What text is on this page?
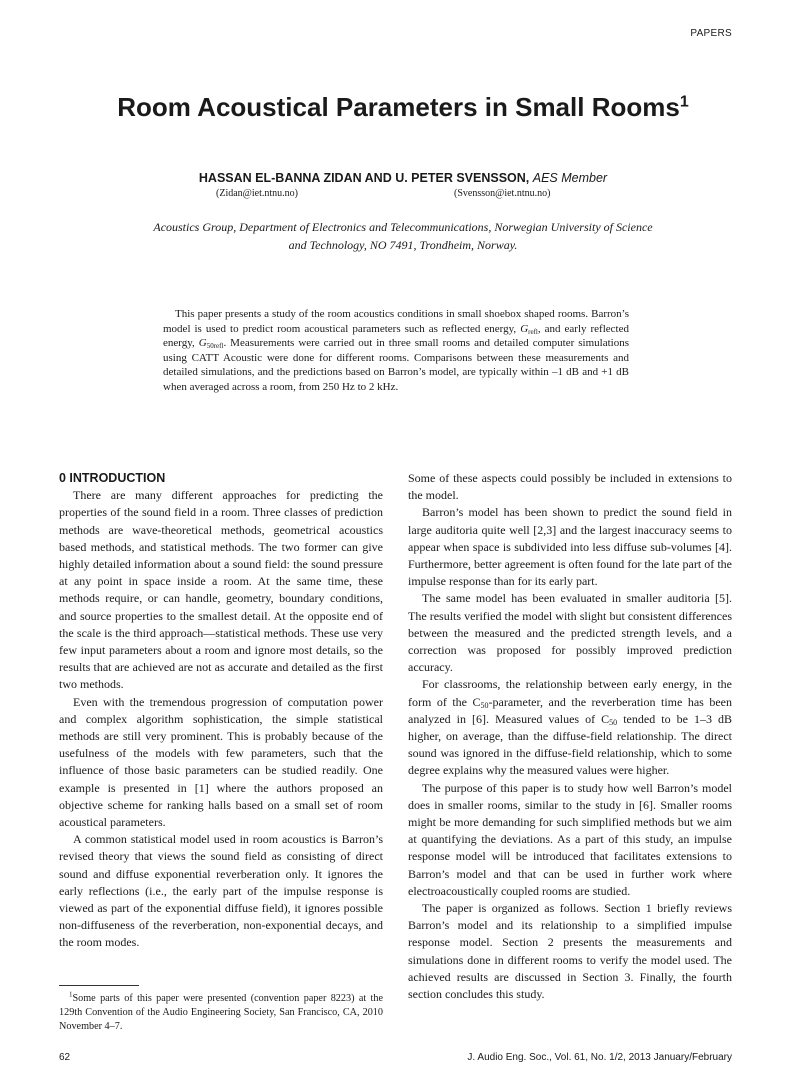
PAPERS
Room Acoustical Parameters in Small Rooms$^1$
HASSAN EL-BANNA ZIDAN AND U. PETER SVENSSON, AES Member
(Zidan@iet.ntnu.no)	(Svensson@iet.ntnu.no)
Acoustics Group, Department of Electronics and Telecommunications, Norwegian University of Science
and Technology, NO 7491, Trondheim, Norway.
This paper presents a study of the room acoustics conditions in small shoebox shaped rooms. Barron’s model is used to predict room acoustical parameters such as reflected energy, $G_{refl}$, and early reflected energy, $G_{50refl}$. Measurements were carried out in three small rooms and detailed computer simulations using CATT Acoustic were done for different rooms. Comparisons between these measurements and detailed simulations, and the predictions based on Barron’s model, are typically within –1 dB and +1 dB when averaged across a room, from 250 Hz to 2 kHz.

0 INTRODUCTION

There are many different approaches for predicting the properties of the sound field in a room. Three classes of prediction methods are wave-theoretical methods, geometrical acoustics based methods, and statistical methods. The two former can give highly detailed information about a sound field: the sound pressure at any point in space inside a room. At the same time, these methods require, or can handle, geometry, boundary conditions, and source properties to the smallest detail. At the opposite end of the scale is the third approach—statistical methods. These use very few input parameters about a room and ignore most details, so the results that are achieved are not as accurate and detailed as the first two methods.

Even with the tremendous progression of computation power and complex algorithm sophistication, the simple statistical methods are still very prominent. This is probably because of the usefulness of the models with few parameters, such that the influence of those basic parameters can be studied readily. One example is presented in [1] where the authors proposed an objective scheme for ranking halls based on a small set of room acoustical parameters.

A common statistical model used in room acoustics is Barron’s revised theory that views the sound field as consisting of direct sound and diffuse exponential reverberation only. It ignores the early reflections (i.e., the early part of the impulse response is viewed as part of the exponential diffuse field), it ignores possible non-diffuseness of the reverberation, non-exponential decays, and the room modes.

Some of these aspects could possibly be included in extensions to the model.

Barron’s model has been shown to predict the sound field in large auditoria quite well [2,3] and the largest inaccuracy seems to appear when space is subdivided into less diffuse sub-volumes [4]. Furthermore, better agreement is often found for the late part of the impulse response than for its early part.

The same model has been evaluated in smaller auditoria [5]. The results verified the model with slight but consistent differences between the measured and the predicted strength levels, and a correction was proposed for possibly improved prediction accuracy.

For classrooms, the relationship between early energy, in the form of the $C_{50}$-parameter, and the reverberation time has been analyzed in [6]. Measured values of $C_{50}$ tended to be 1–3 dB higher, on average, than the diffuse-field relationship. The direct sound was ignored in the diffuse-field relationship, which to some degree explains why the measured values were higher.

The purpose of this paper is to study how well Barron’s model does in smaller rooms, similar to the study in [6]. Smaller rooms might be more demanding for such simplified methods but we aim at quantifying the deviations. As a part of this study, an impulse response model will be introduced that facilitates extensions to Barron’s model and that can be used in further work where electroacoustically coupled rooms are studied.

The paper is organized as follows. Section 1 briefly reviews Barron’s model and its relationship to a simplified impulse response model. Section 2 presents the measurements and simulations done in different rooms to verify the model used. The achieved results are discussed in Section 3. Finally, the fourth section concludes this study.

$^1$Some parts of this paper were presented (convention paper 8223) at the 129th Convention of the Audio Engineering Society, San Francisco, CA, 2010 November 4–7.
62	J. Audio Eng. Soc., Vol. 61, No. 1/2, 2013 January/February
